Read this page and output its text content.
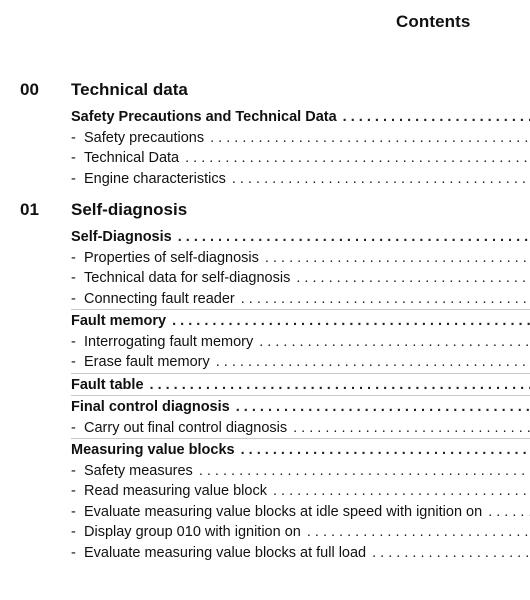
Contents
00 Technical data
Safety Precautions and Technical Data
. . .
- Safety precautions
. . .
- Technical Data
. . .
- Engine characteristics
. . .
01 Self-diagnosis
Self-Diagnosis
. . .
- Properties of self-diagnosis
. . .
- Technical data for self-diagnosis
. . .
- Connecting fault reader
. . .
Fault memory
. . .
- Interrogating fault memory
. . .
- Erase fault memory
. . .
Fault table
. . .
Final control diagnosis
. . .
- Carry out final control diagnosis
. . .
Measuring value blocks
. . .
- Safety measures
. . .
- Read measuring value block
. . .
- Evaluate measuring value blocks at idle speed with ignition on
. . .
- Display group 010 with ignition on
. . .
- Evaluate measuring value blocks at full load
. . .
